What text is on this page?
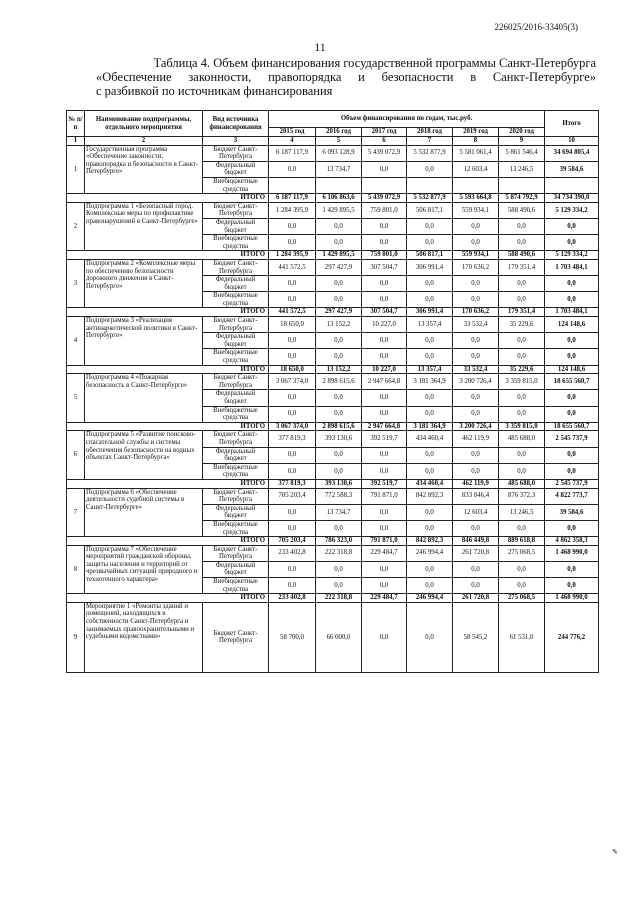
226025/2016-33405(3)
11
Таблица 4. Объем финансирования государственной программы Санкт-Петербурга
«Обеспечение законности, правопорядка и безопасности в Санкт-Петербурге»
с разбивкой по источникам финансирования
№ п/п	Наименование подпрограммы, отдельного мероприятия	Вид источника финансирования	Объем финансирования по годам, тыс.руб.						Итого
			2015 год	2016 год	2017 год	2018 год	2019 год	2020 год	
1	2	3	4	5	6	7	8	9	10
1	Государственная программа «Обеспечение законности, правопорядка и безопасности в Санкт-Петербурге»	Бюджет Санкт-Петербурга	6 187 117,9	6 093 128,9	5 439 072,9	5 532 877,9	5 581 061,4	5 861 546,4	34 694 805,4
		Федеральный бюджет	0,0	13 734,7	0,0	0,0	12 603,4	13 246,5	39 584,6
		Внебюджетные средства							
ИТОГО			6 187 117,9	6 106 863,6	5 439 072,9	5 532 877,9	5 593 664,8	5 874 792,9	34 734 390,0
2	Подпрограмма 1 «Безопасный город. Комплексные меры по профилактике правонарушений в Санкт-Петербурге»	Бюджет Санкт-Петербурга	1 284 395,9	1 429 895,5	759 801,0	506 817,1	559 934,1	588 490,6	5 129 334,2
		Федеральный бюджет	0,0	0,0	0,0	0,0	0,0	0,0	0,0
		Внебюджетные средства	0,0	0,0	0,0	0,0	0,0	0,0	0,0
ИТОГО			1 284 395,9	1 429 895,5	759 801,0	506 817,1	559 934,1	588 490,6	5 129 334,2
3	Подпрограмма 2 «Комплексные меры по обеспечению безопасности дорожного движения в Санкт-Петербурге»	Бюджет Санкт-Петербурга	441 572,5	297 427,9	307 504,7	306 991,4	170 636,2	179 351,4	1 703 484,1
		Федеральный бюджет	0,0	0,0	0,0	0,0	0,0	0,0	0,0
		Внебюджетные средства	0,0	0,0	0,0	0,0	0,0	0,0	0,0
ИТОГО			441 572,5	297 427,9	307 504,7	306 991,4	170 636,2	179 351,4	1 703 484,1
4	Подпрограмма 3 «Реализация антинаркотической политики в Санкт-Петербурге»	Бюджет Санкт-Петербурга	18 650,0	13 152,2	10 227,0	13 357,4	33 532,4	35 229,6	124 148,6
		Федеральный бюджет	0,0	0,0	0,0	0,0	0,0	0,0	0,0
		Внебюджетные средства	0,0	0,0	0,0	0,0	0,0	0,0	0,0
ИТОГО			18 650,0	13 152,2	10 227,0	13 357,4	33 532,4	35 229,6	124 148,6
5	Подпрограмма 4 «Пожарная безопасность в Санкт-Петербурге»	Бюджет Санкт-Петербурга	3 067 374,0	2 898 615,6	2 947 664,8	3 181 364,9	3 200 726,4	3 359 815,0	18 655 560,7
		Федеральный бюджет	0,0	0,0	0,0	0,0	0,0	0,0	0,0
		Внебюджетные средства	0,0	0,0	0,0	0,0	0,0	0,0	0,0
ИТОГО			3 067 374,0	2 898 615,6	2 947 664,8	3 181 364,9	3 200 726,4	3 359 815,0	18 655 560,7
6	Подпрограмма 5 «Развитие поисково-спасательной службы и системы обеспечения безопасности на водных объектах Санкт-Петербурга»	Бюджет Санкт-Петербурга	377 819,3	393 130,6	392 519,7	434 460,4	462 119,9	485 688,0	2 545 737,9
		Федеральный бюджет	0,0	0,0	0,0	0,0	0,0	0,0	0,0
		Внебюджетные средства	0,0	0,0	0,0	0,0	0,0	0,0	0,0
ИТОГО			377 819,3	393 130,6	392 519,7	434 460,4	462 119,9	485 688,0	2 545 737,9
7	Подпрограмма 6 «Обеспечение деятельности судебной системы в Санкт-Петербурге»	Бюджет Санкт-Петербурга	705 203,4	772 588,3	791 871,0	842 892,3	833 846,4	876 372,3	4 822 773,7
		Федеральный бюджет	0,0	13 734,7	0,0	0,0	12 603,4	13 246,5	39 584,6
		Внебюджетные средства	0,0	0,0	0,0	0,0	0,0	0,0	0,0
ИТОГО			705 203,4	786 323,0	791 871,0	842 892,3	846 449,8	889 618,8	4 862 358,3
8	Подпрограмма 7 «Обеспечение мероприятий гражданской обороны, защиты населения и территорий от чрезвычайных ситуаций природного и техногенного характера»	Бюджет Санкт-Петербурга	233 402,8	222 318,8	229 484,7	246 994,4	261 720,8	275 068,5	1 468 990,0
		Федеральный бюджет	0,0	0,0	0,0	0,0	0,0	0,0	0,0
		Внебюджетные средства	0,0	0,0	0,0	0,0	0,0	0,0	0,0
ИТОГО			233 402,8	222 318,8	229 484,7	246 994,4	261 720,8	275 068,5	1 468 990,0
9	Мероприятие 1 «Ремонты зданий и помещений, находящихся в собственности Санкт-Петербурга и занимаемых правоохранительными и судебными ведомствами»	Бюджет Санкт-Петербурга	58 700,0	66 000,0	0,0	0,0	58 545,2	61 531,0	244 776,2
✎
